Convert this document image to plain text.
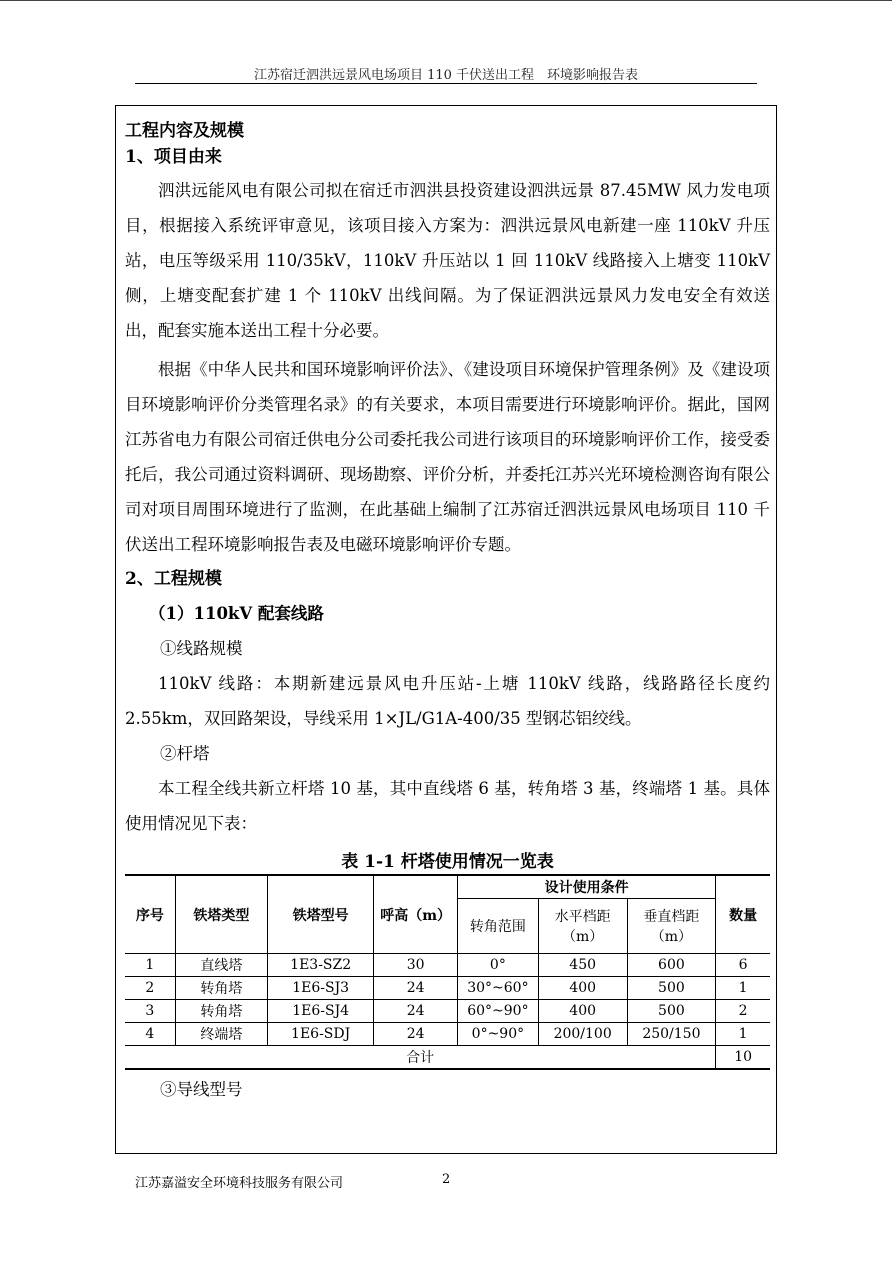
江苏宿迁泗洪远景风电场项目 110 千伏送出工程　环境影响报告表
工程内容及规模
1、项目由来

泗洪远能风电有限公司拟在宿迁市泗洪县投资建设泗洪远景 87.45MW 风力发电项目，根据接入系统评审意见，该项目接入方案为：泗洪远景风电新建一座 110kV 升压站，电压等级采用 110/35kV，110kV 升压站以 1 回 110kV 线路接入上塘变 110kV 侧，上塘变配套扩建 1 个 110kV 出线间隔。为了保证泗洪远景风力发电安全有效送出，配套实施本送出工程十分必要。

根据《中华人民共和国环境影响评价法》、《建设项目环境保护管理条例》及《建设项目环境影响评价分类管理名录》的有关要求，本项目需要进行环境影响评价。据此，国网江苏省电力有限公司宿迁供电分公司委托我公司进行该项目的环境影响评价工作，接受委托后，我公司通过资料调研、现场勘察、评价分析，并委托江苏兴光环境检测咨询有限公司对项目周围环境进行了监测，在此基础上编制了江苏宿迁泗洪远景风电场项目 110 千伏送出工程环境影响报告表及电磁环境影响评价专题。

2、工程规模
（1）110kV 配套线路
①线路规模

110kV 线路：本期新建远景风电升压站-上塘 110kV 线路，线路路径长度约 2.55km，双回路架设，导线采用 1×JL/G1A-400/35 型钢芯铝绞线。

②杆塔

本工程全线共新立杆塔 10 基，其中直线塔 6 基，转角塔 3 基，终端塔 1 基。具体使用情况见下表：

表 1-1 杆塔使用情况一览表
序号	铁塔类型	铁塔型号	呼高（m）	设计使用条件			数量
				转角范围	水平档距（m）	垂直档距（m）	
1	直线塔	1E3-SZ2	30	0°	450	600	6
2	转角塔	1E6-SJ3	24	30°~60°	400	500	1
3	转角塔	1E6-SJ4	24	60°~90°	400	500	2
4	终端塔	1E6-SDJ	24	0°~90°	200/100	250/150	1
合计							10
③导线型号
江苏嘉溢安全环境科技服务有限公司	2
